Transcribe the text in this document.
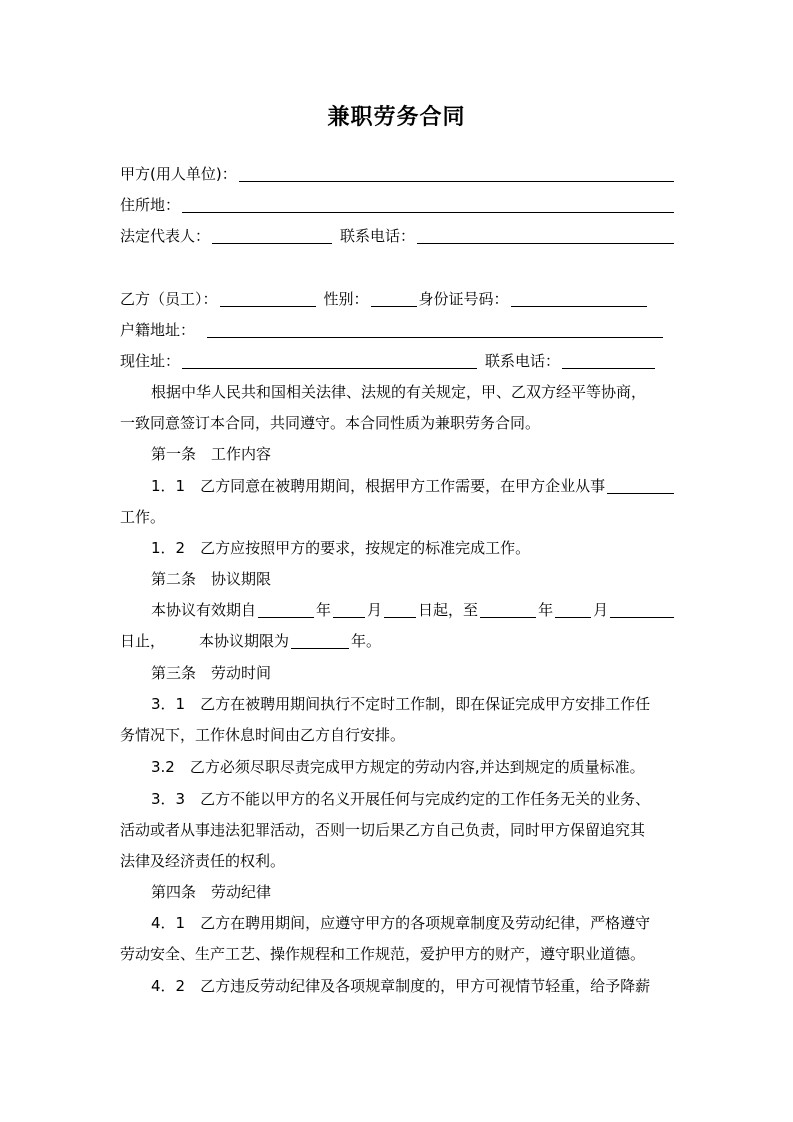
兼职劳务合同
甲方(用人单位)：
住所地：
法定代表人：	联系电话：
乙方（员工）：	性别：	身份证号码：
户籍地址：
现住址：	联系电话：
根据中华人民共和国相关法律、法规的有关规定，甲、乙双方经平等协商，
一致同意签订本合同，共同遵守。本合同性质为兼职劳务合同。
第一条　工作内容
1．1　乙方同意在被聘用期间，根据甲方工作需要，在甲方企业从事
工作。
1．2　乙方应按照甲方的要求，按规定的标准完成工作。
第二条　协议期限
本协议有效期自	年 月 日起，至	年	月
日止， 本协议期限为	年。
第三条　劳动时间
3．1　乙方在被聘用期间执行不定时工作制，即在保证完成甲方安排工作任
务情况下，工作休息时间由乙方自行安排。
3.2　乙方必须尽职尽责完成甲方规定的劳动内容,并达到规定的质量标准。
3．3　乙方不能以甲方的名义开展任何与完成约定的工作任务无关的业务、
活动或者从事违法犯罪活动，否则一切后果乙方自己负责，同时甲方保留追究其
法律及经济责任的权利。
第四条　劳动纪律
4．1　乙方在聘用期间，应遵守甲方的各项规章制度及劳动纪律，严格遵守
劳动安全、生产工艺、操作规程和工作规范，爱护甲方的财产，遵守职业道德。
4．2　乙方违反劳动纪律及各项规章制度的，甲方可视情节轻重，给予降薪
